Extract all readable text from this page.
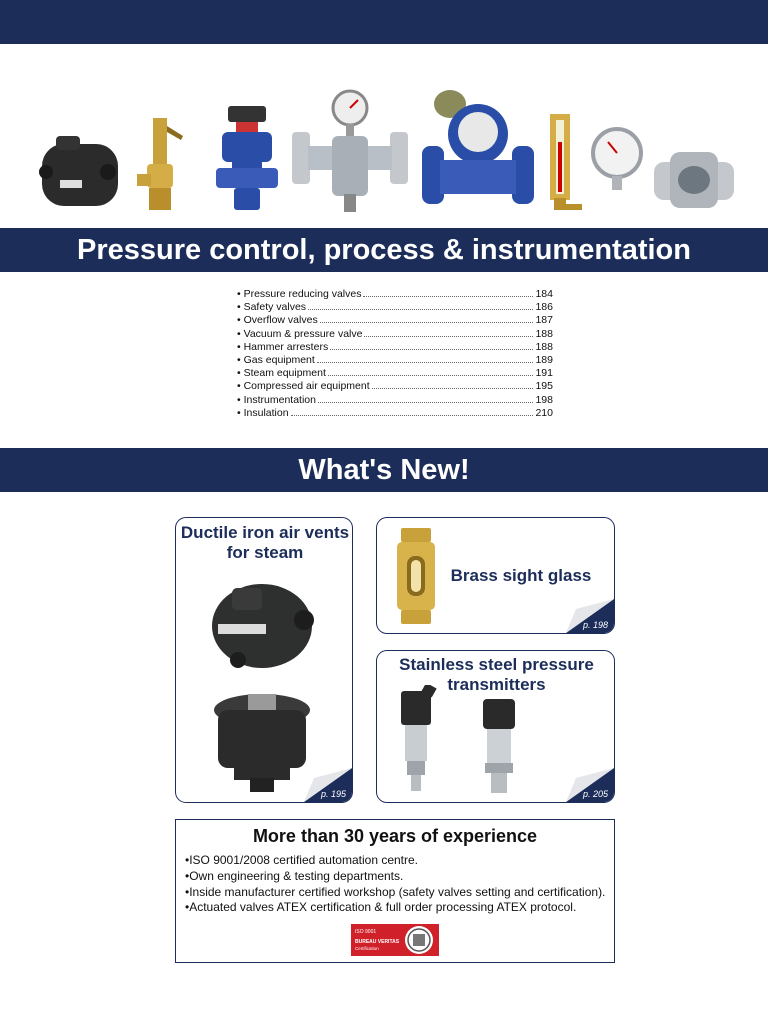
Pressure control, process & instrumentation
• Pressure reducing valves	184
• Safety valves	186
• Overflow valves	187
• Vacuum & pressure valve	188
• Hammer arresters	188
• Gas equipment	189
• Steam equipment	191
• Compressed air equipment	195
• Instrumentation	198
• Insulation	210
What's New!
Ductile iron air vents for steam
p. 195
Brass sight glass
p. 198
Stainless steel pressure transmitters
p. 205
More than 30 years of experience
• ISO 9001/2008 certified automation centre.
• Own engineering & testing departments.
• Inside manufacturer certified workshop (safety valves setting and certification).
• Actuated valves ATEX certification & full order processing ATEX protocol.
ISO 9001
BUREAU VERITAS
Certification
